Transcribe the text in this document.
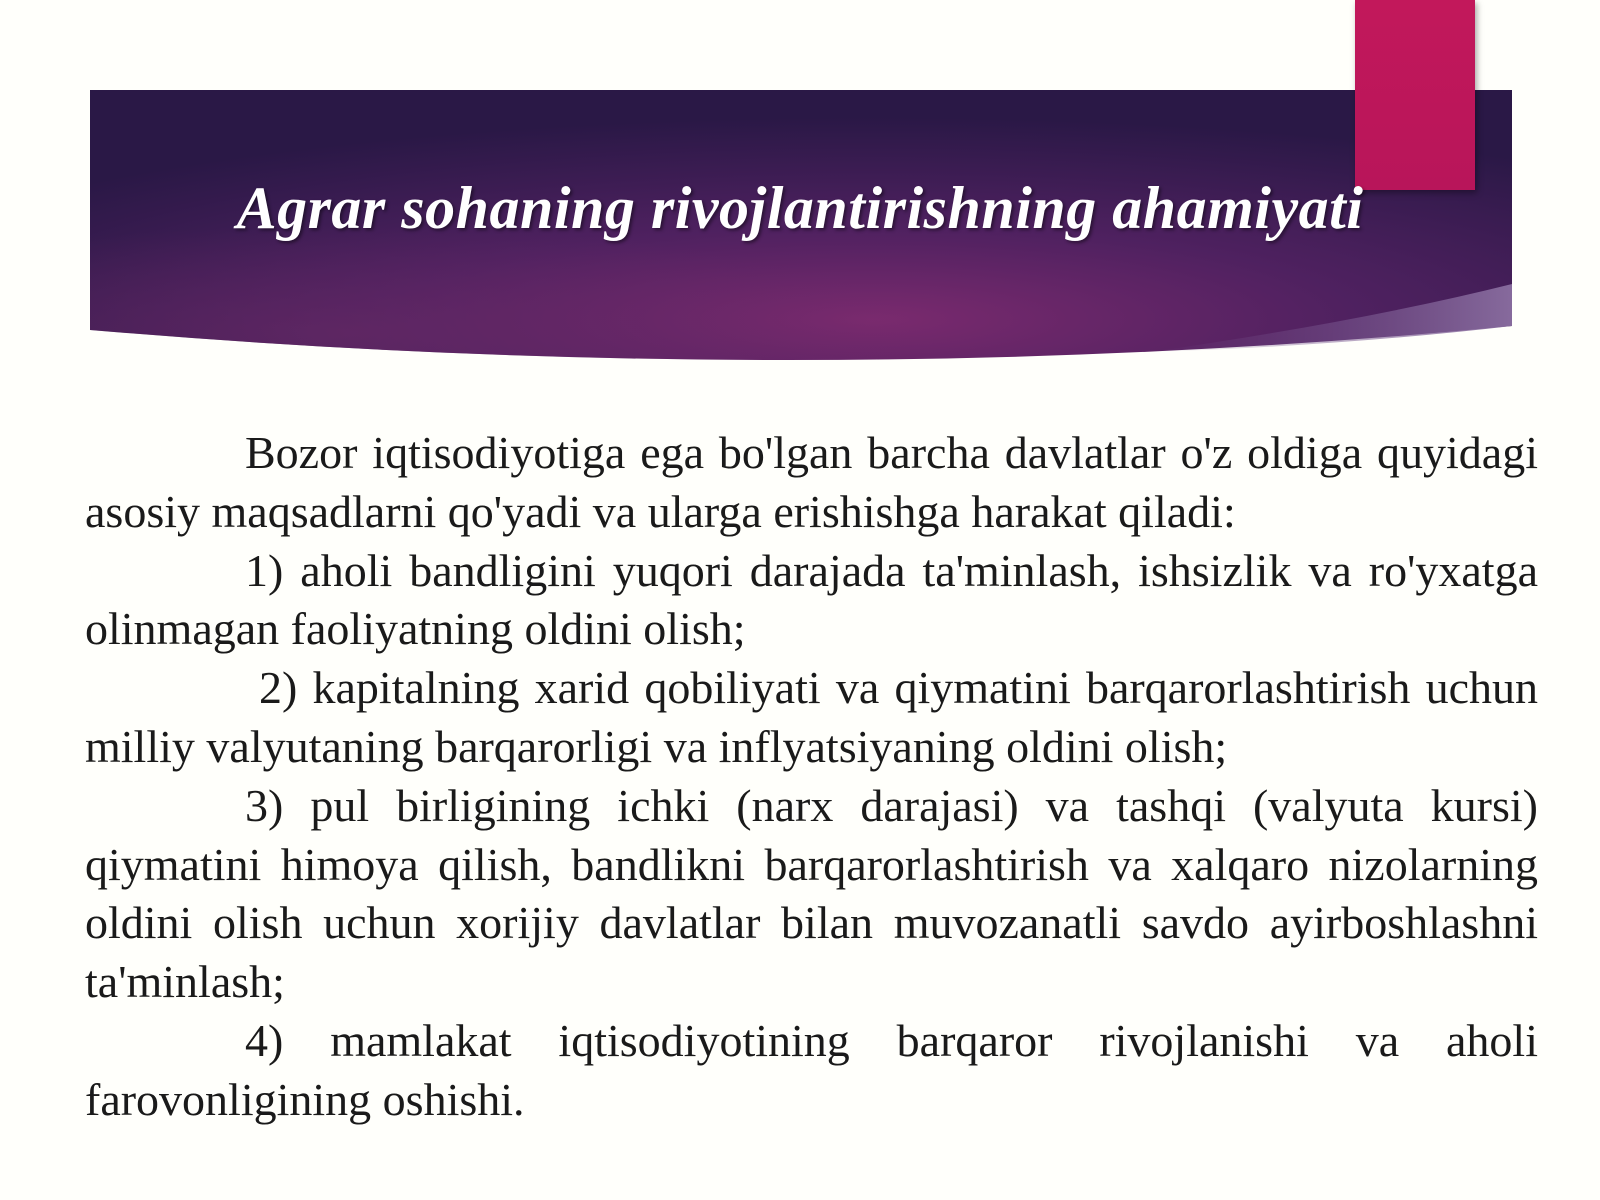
Agrar sohaning rivojlantirishning ahamiyati

Bozor iqtisodiyotiga ega bo'lgan barcha davlatlar o'z oldiga quyidagi asosiy maqsadlarni qo'yadi va ularga erishishga harakat qiladi:

1) aholi bandligini yuqori darajada ta'minlash, ishsizlik va ro'yxatga olinmagan faoliyatning oldini olish;

2) kapitalning xarid qobiliyati va qiymatini barqarorlashtirish uchun milliy valyutaning barqarorligi va inflyatsiyaning oldini olish;

3) pul birligining ichki (narx darajasi) va tashqi (valyuta kursi) qiymatini himoya qilish, bandlikni barqarorlashtirish va xalqaro nizolarning oldini olish uchun xorijiy davlatlar bilan muvozanatli savdo ayirboshlashni ta'minlash;

4) mamlakat iqtisodiyotining barqaror rivojlanishi va aholi farovonligining oshishi.
